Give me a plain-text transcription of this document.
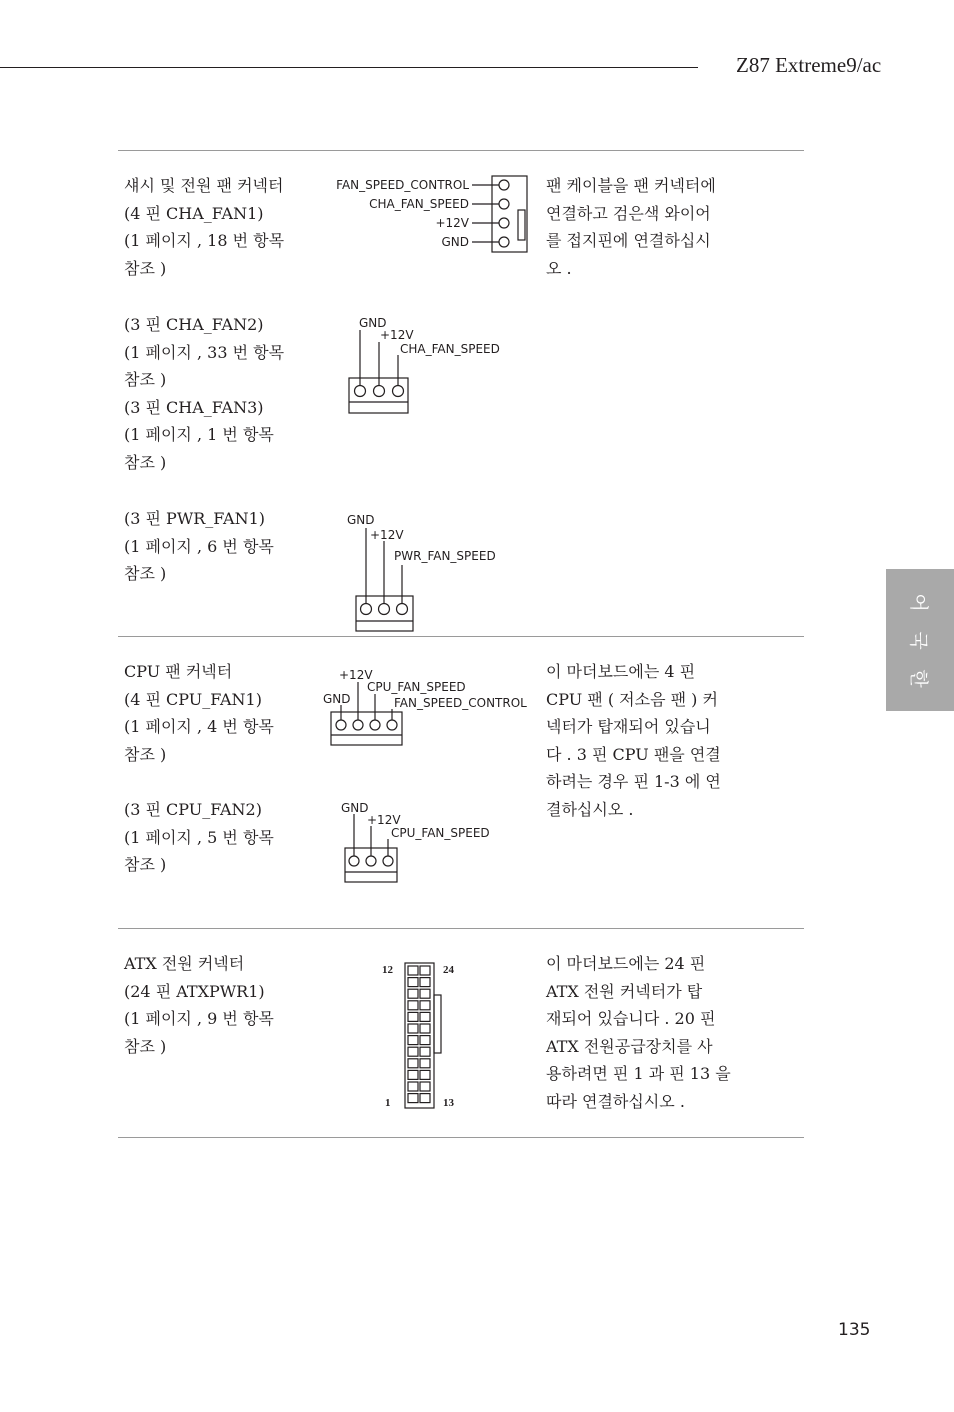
Z87 Extreme9/ac
섀시 및 전원 팬 커넥터
(4 핀 CHA_FAN1)
(1 페이지 , 18 번 항목
참조 )
(3 핀 CHA_FAN2)
(1 페이지 , 33 번 항목
참조 )
(3 핀 CHA_FAN3)
(1 페이지 , 1 번 항목
참조 )
(3 핀 PWR_FAN1)
(1 페이지 , 6 번 항목
참조 )
팬 케이블을 팬 커넥터에
연결하고 검은색 와이어
를 접지핀에 연결하십시
오 .
CPU 팬 커넥터
(4 핀 CPU_FAN1)
(1 페이지 , 4 번 항목
참조 )
(3 핀 CPU_FAN2)
(1 페이지 , 5 번 항목
참조 )
이 마더보드에는 4 핀
CPU 팬 ( 저소음 팬 ) 커
넥터가 탑재되어 있습니
다 . 3 핀 CPU 팬을 연결
하려는 경우 핀 1-3 에 연
결하십시오 .
ATX 전원 커넥터
(24 핀 ATXPWR1)
(1 페이지 , 9 번 항목
참조 )
이 마더보드에는 24 핀
ATX 전원 커넥터가 탑
재되어 있습니다 . 20 핀
ATX 전원공급장치를 사
용하려면 핀 1 과 핀 13 을
따라 연결하십시오 .
FAN_SPEED_CONTROL
CHA_FAN_SPEED
+12V
GND
GND
+12V
CHA_FAN_SPEED
GND
+12V
PWR_FAN_SPEED
+12V
CPU_FAN_SPEED
GND	FAN_SPEED_CONTROL
GND
+12V
CPU_FAN_SPEED
12	24
1	13
어
국
한
135
